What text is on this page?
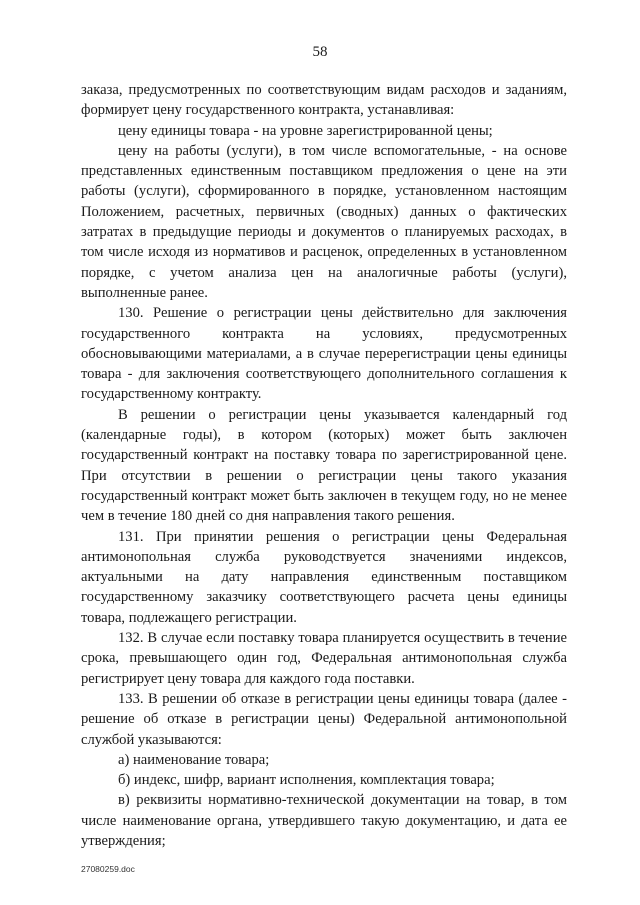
58

заказа, предусмотренных по соответствующим видам расходов и заданиям, формирует цену государственного контракта, устанавливая:

цену единицы товара - на уровне зарегистрированной цены;

цену на работы (услуги), в том числе вспомогательные, - на основе представленных единственным поставщиком предложения о цене на эти работы (услуги), сформированного в порядке, установленном настоящим Положением, расчетных, первичных (сводных) данных о фактических затратах в предыдущие периоды и документов о планируемых расходах, в том числе исходя из нормативов и расценок, определенных в установленном порядке, с учетом анализа цен на аналогичные работы (услуги), выполненные ранее.

130. Решение о регистрации цены действительно для заключения государственного контракта на условиях, предусмотренных обосновывающими материалами, а в случае перерегистрации цены единицы товара - для заключения соответствующего дополнительного соглашения к государственному контракту.

В решении о регистрации цены указывается календарный год (календарные годы), в котором (которых) может быть заключен государственный контракт на поставку товара по зарегистрированной цене. При отсутствии в решении о регистрации цены такого указания государственный контракт может быть заключен в текущем году, но не менее чем в течение 180 дней со дня направления такого решения.

131. При принятии решения о регистрации цены Федеральная антимонопольная служба руководствуется значениями индексов, актуальными на дату направления единственным поставщиком государственному заказчику соответствующего расчета цены единицы товара, подлежащего регистрации.

132. В случае если поставку товара планируется осуществить в течение срока, превышающего один год, Федеральная антимонопольная служба регистрирует цену товара для каждого года поставки.

133. В решении об отказе в регистрации цены единицы товара (далее - решение об отказе в регистрации цены) Федеральной антимонопольной службой указываются:

а) наименование товара;

б) индекс, шифр, вариант исполнения, комплектация товара;

в) реквизиты нормативно-технической документации на товар, в том числе наименование органа, утвердившего такую документацию, и дата ее утверждения;

27080259.doc
